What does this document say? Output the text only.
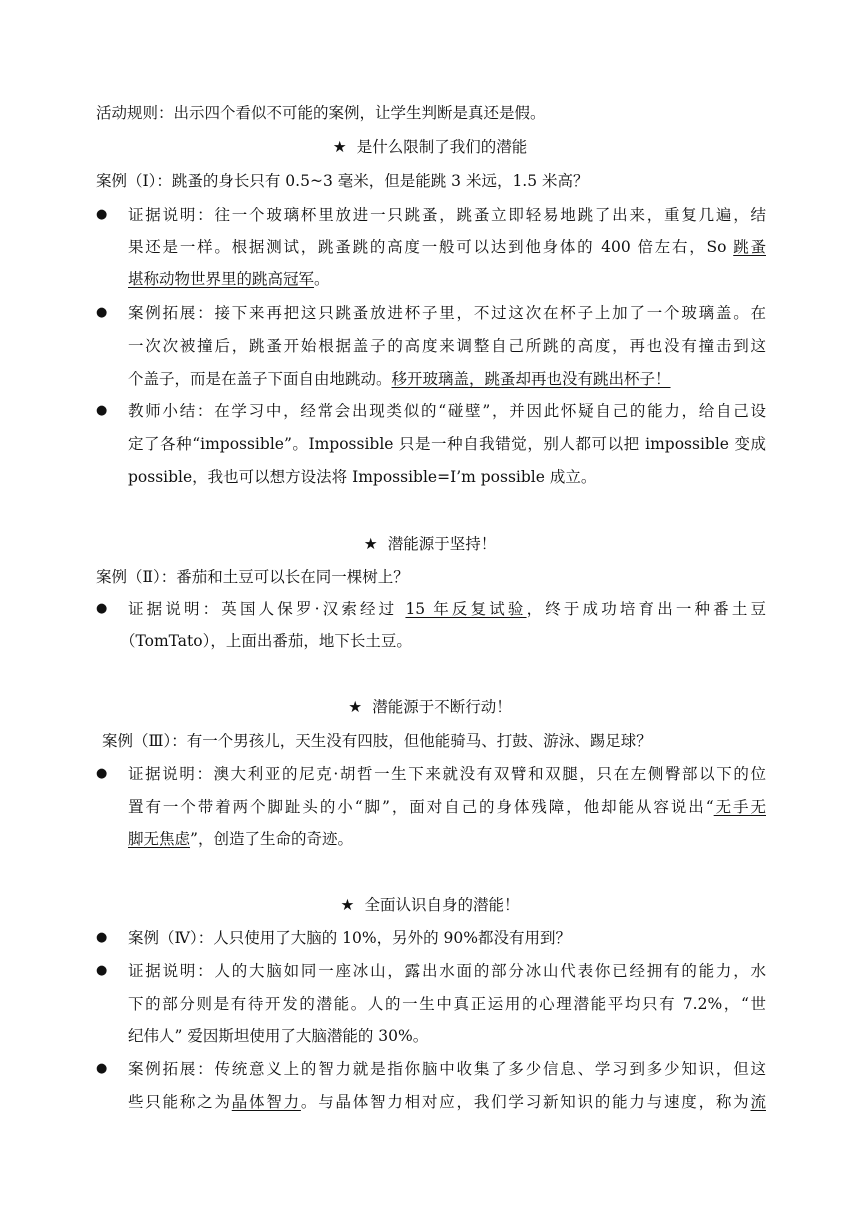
活动规则：出示四个看似不可能的案例，让学生判断是真还是假。
★ 是什么限制了我们的潜能
案例（Ⅰ）：跳蚤的身长只有 0.5~3 毫米，但是能跳 3 米远，1.5 米高？
● 证据说明：往一个玻璃杯里放进一只跳蚤，跳蚤立即轻易地跳了出来，重复几遍，结
果还是一样。根据测试，跳蚤跳的高度一般可以达到他身体的 400 倍左右，So 跳蚤
堪称动物世界里的跳高冠军。
● 案例拓展：接下来再把这只跳蚤放进杯子里，不过这次在杯子上加了一个玻璃盖。在
一次次被撞后，跳蚤开始根据盖子的高度来调整自己所跳的高度，再也没有撞击到这
个盖子，而是在盖子下面自由地跳动。移开玻璃盖，跳蚤却再也没有跳出杯子！
● 教师小结：在学习中，经常会出现类似的“碰壁”，并因此怀疑自己的能力，给自己设
定了各种“impossible”。Impossible 只是一种自我错觉，别人都可以把 impossible 变成
possible，我也可以想方设法将 Impossible=I’m possible 成立。
★ 潜能源于坚持！
案例（Ⅱ）：番茄和土豆可以长在同一棵树上？
● 证据说明：英国人保罗·汉索经过 15 年反复试验，终于成功培育出一种番土豆
（TomTato），上面出番茄，地下长土豆。
★ 潜能源于不断行动！
案例（Ⅲ）：有一个男孩儿，天生没有四肢，但他能骑马、打鼓、游泳、踢足球？
● 证据说明：澳大利亚的尼克·胡哲一生下来就没有双臂和双腿，只在左侧臀部以下的位
置有一个带着两个脚趾头的小“脚”，面对自己的身体残障，他却能从容说出“无手无
脚无焦虑”，创造了生命的奇迹。
★ 全面认识自身的潜能！
● 案例（Ⅳ）：人只使用了大脑的 10%，另外的 90%都没有用到？
● 证据说明：人的大脑如同一座冰山，露出水面的部分冰山代表你已经拥有的能力，水
下的部分则是有待开发的潜能。人的一生中真正运用的心理潜能平均只有 7.2%，“世
纪伟人” 爱因斯坦使用了大脑潜能的 30%。
● 案例拓展：传统意义上的智力就是指你脑中收集了多少信息、学习到多少知识，但这
些只能称之为晶体智力。与晶体智力相对应，我们学习新知识的能力与速度，称为流
